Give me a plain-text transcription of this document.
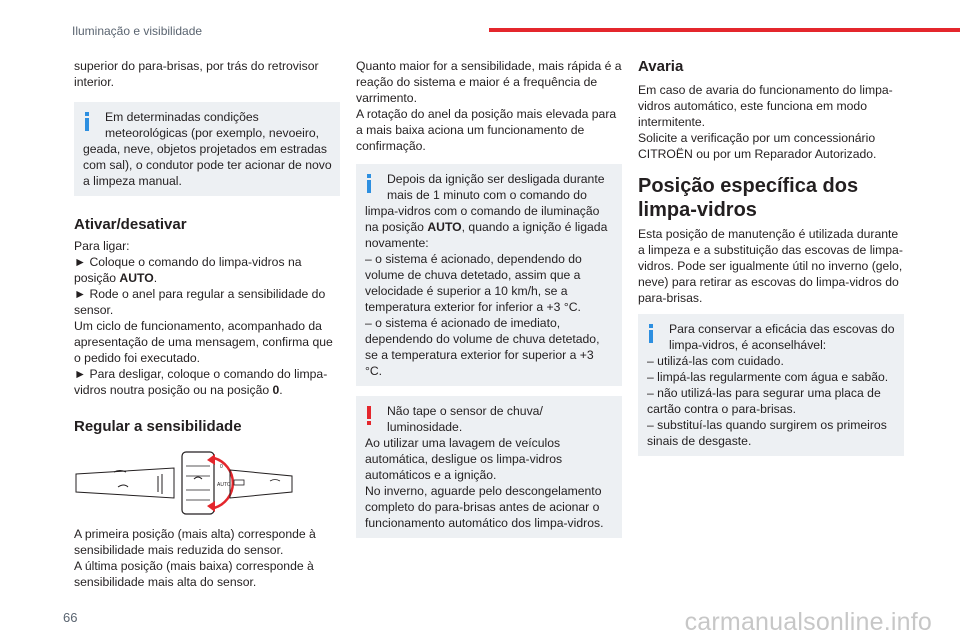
Iluminação e visibilidade

superior do para-brisas, por trás do retrovisor interior.

Em determinadas condições meteorológicas (por exemplo, nevoeiro,

geada, neve, objetos projetados em estradas com sal), o condutor pode ter acionar de novo a limpeza manual.

Ativar/desativar

Para ligar:

► Coloque o comando do limpa-vidros na posição AUTO.

► Rode o anel para regular a sensibilidade do sensor.

Um ciclo de funcionamento, acompanhado da apresentação de uma mensagem, confirma que o pedido foi executado.

► Para desligar, coloque o comando do limpa-vidros noutra posição ou na posição 0.

Regular a sensibilidade
AUTO
0

A primeira posição (mais alta) corresponde à sensibilidade mais reduzida do sensor.

A última posição (mais baixa) corresponde à sensibilidade mais alta do sensor.

Quanto maior for a sensibilidade, mais rápida é a reação do sistema e maior é a frequência de varrimento.

A rotação do anel da posição mais elevada para a mais baixa aciona um funcionamento de confirmação.

Depois da ignição ser desligada durante mais de 1 minuto com o comando do

limpa-vidros com o comando de iluminação na posição AUTO, quando a ignição é ligada novamente:

– o sistema é acionado, dependendo do volume de chuva detetado, assim que a velocidade é superior a 10 km/h, se a temperatura exterior for inferior a +3 °C.

– o sistema é acionado de imediato, dependendo do volume de chuva detetado, se a temperatura exterior for superior a +3 °C.

Não tape o sensor de chuva/ luminosidade.

Ao utilizar uma lavagem de veículos automática, desligue os limpa-vidros automáticos e a ignição.

No inverno, aguarde pelo descongelamento completo do para-brisas antes de acionar o funcionamento automático dos limpa-vidros.

Avaria

Em caso de avaria do funcionamento do limpa-vidros automático, este funciona em modo intermitente.

Solicite a verificação por um concessionário CITROËN ou por um Reparador Autorizado.

Posição específica dos limpa-vidros

Esta posição de manutenção é utilizada durante a limpeza e a substituição das escovas de limpa-vidros. Pode ser igualmente útil no inverno (gelo, neve) para retirar as escovas do limpa-vidros do para-brisas.

Para conservar a eficácia das escovas do limpa-vidros, é aconselhável:

– utilizá-las com cuidado.

– limpá-las regularmente com água e sabão.

– não utilizá-las para segurar uma placa de cartão contra o para-brisas.

– substituí-las quando surgirem os primeiros sinais de desgaste.

66	carmanualsonline.info
